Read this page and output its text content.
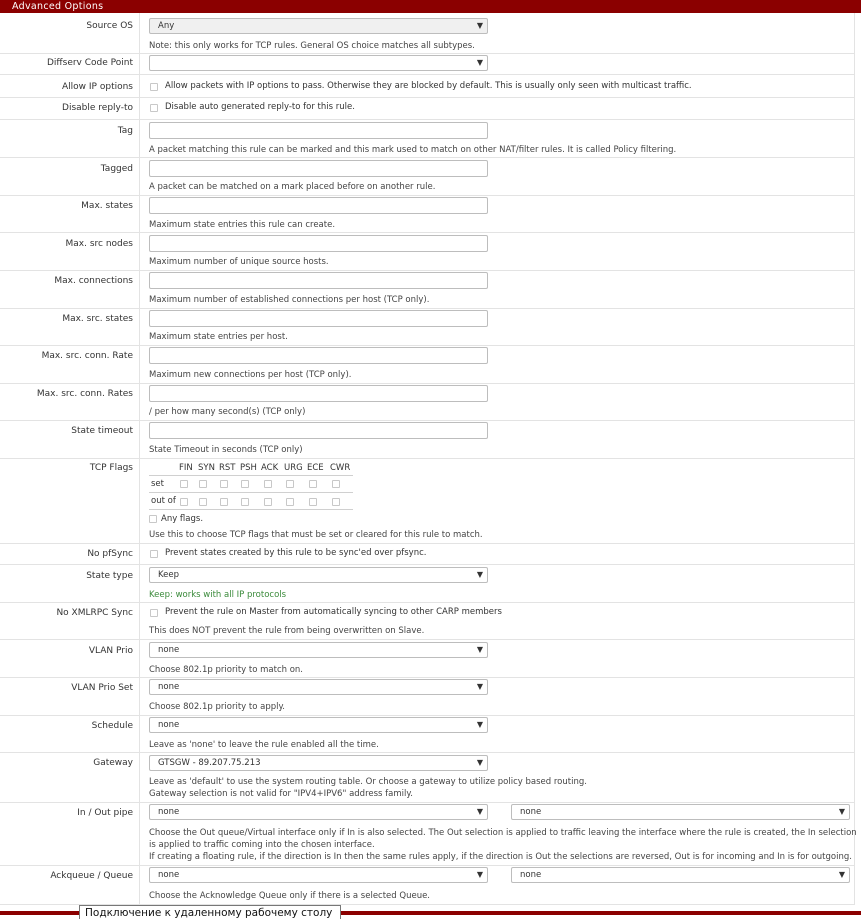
Advanced Options
Source OS	Any	▼
Note: this only works for TCP rules. General OS choice matches all subtypes.
Diffserv Code Point	▼
Allow IP options	Allow packets with IP options to pass. Otherwise they are blocked by default. This is usually only seen with multicast traffic.
Disable reply-to	Disable auto generated reply-to for this rule.
Tag
A packet matching this rule can be marked and this mark used to match on other NAT/filter rules. It is called Policy filtering.
Tagged
A packet can be matched on a mark placed before on another rule.
Max. states
Maximum state entries this rule can create.
Max. src nodes
Maximum number of unique source hosts.
Max. connections
Maximum number of established connections per host (TCP only).
Max. src. states
Maximum state entries per host.
Max. src. conn. Rate
Maximum new connections per host (TCP only).
Max. src. conn. Rates
/ per how many second(s) (TCP only)
State timeout
State Timeout in seconds (TCP only)
TCP Flags	FIN SYN RST PSH ACK URG ECE CWR
set
out of
Any flags.
Use this to choose TCP flags that must be set or cleared for this rule to match.
No pfSync	Prevent states created by this rule to be sync'ed over pfsync.
State type	Keep	▼
Keep: works with all IP protocols
No XMLRPC Sync	Prevent the rule on Master from automatically syncing to other CARP members
This does NOT prevent the rule from being overwritten on Slave.
VLAN Prio	none	▼
Choose 802.1p priority to match on.
VLAN Prio Set	none	▼
Choose 802.1p priority to apply.
Schedule	none	▼
Leave as 'none' to leave the rule enabled all the time.
Gateway	GTSGW - 89.207.75.213	▼
Leave as 'default' to use the system routing table. Or choose a gateway to utilize policy based routing.
Gateway selection is not valid for "IPV4+IPV6" address family.
In / Out pipe	none	▼	none	▼
Choose the Out queue/Virtual interface only if In is also selected. The Out selection is applied to traffic leaving the interface where the rule is created, the In selection
is applied to traffic coming into the chosen interface.
If creating a floating rule, if the direction is In then the same rules apply, if the direction is Out the selections are reversed, Out is for incoming and In is for outgoing.
Ackqueue / Queue	none	▼	none	▼
Choose the Acknowledge Queue only if there is a selected Queue.
Подключение к удаленному рабочему столу
